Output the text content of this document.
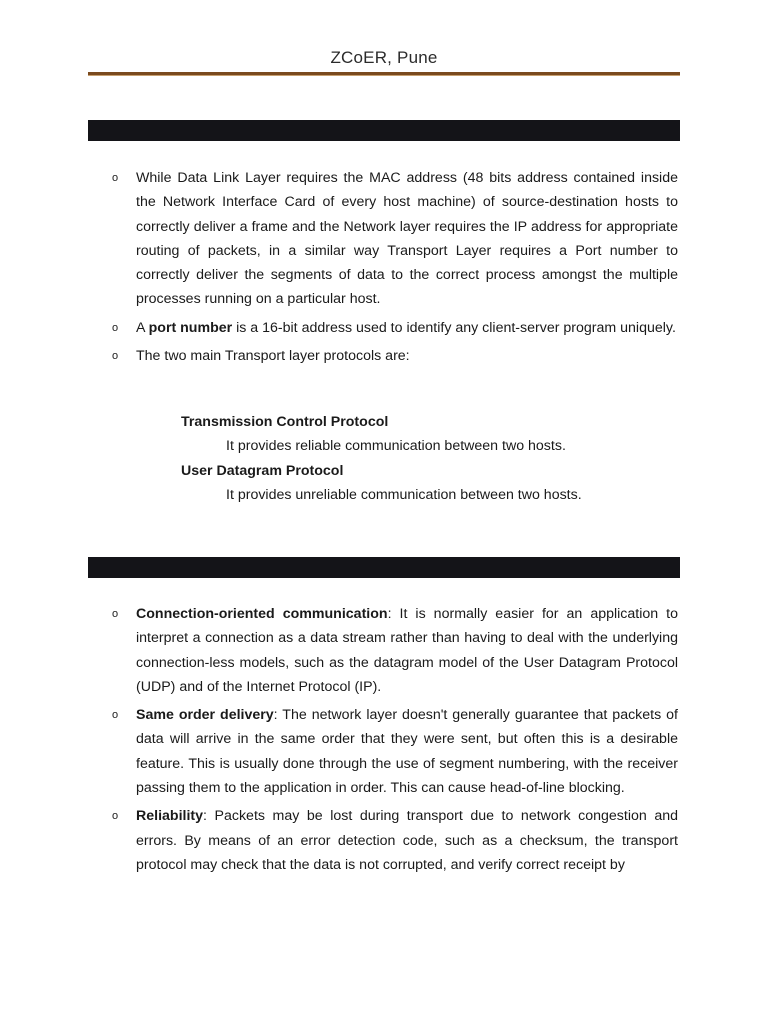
ZCoER, Pune
o While Data Link Layer requires the MAC address (48 bits address contained inside the Network Interface Card of every host machine) of source-destination hosts to correctly deliver a frame and the Network layer requires the IP address for appropriate routing of packets, in a similar way Transport Layer requires a Port number to correctly deliver the segments of data to the correct process amongst the multiple processes running on a particular host.
o A port number is a 16-bit address used to identify any client-server program uniquely.
o The two main Transport layer protocols are:
Transmission Control Protocol
It provides reliable communication between two hosts.
User Datagram Protocol
It provides unreliable communication between two hosts.
o Connection-oriented communication: It is normally easier for an application to interpret a connection as a data stream rather than having to deal with the underlying connection-less models, such as the datagram model of the User Datagram Protocol (UDP) and of the Internet Protocol (IP).
o Same order delivery: The network layer doesn't generally guarantee that packets of data will arrive in the same order that they were sent, but often this is a desirable feature. This is usually done through the use of segment numbering, with the receiver passing them to the application in order. This can cause head-of-line blocking.
o Reliability: Packets may be lost during transport due to network congestion and errors. By means of an error detection code, such as a checksum, the transport protocol may check that the data is not corrupted, and verify correct receipt by
